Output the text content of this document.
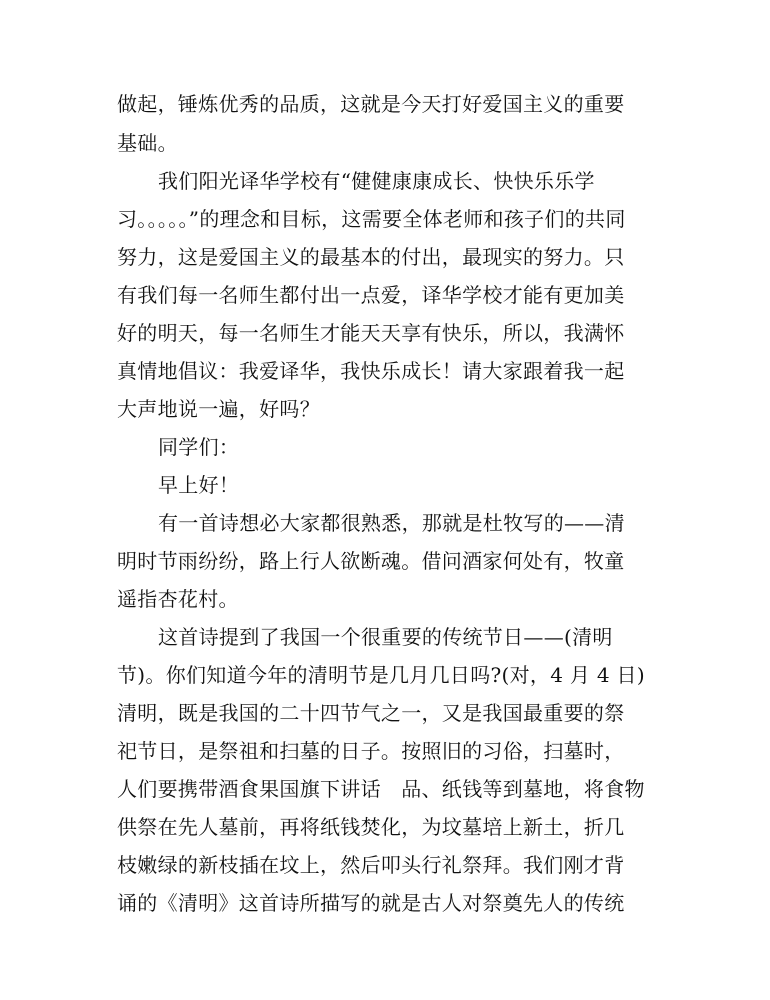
做起，锤炼优秀的品质，这就是今天打好爱国主义的重要
基础。
我们阳光译华学校有“健健康康成长、快快乐乐学
习。。。。。”的理念和目标，这需要全体老师和孩子们的共同
努力，这是爱国主义的最基本的付出，最现实的努力。只
有我们每一名师生都付出一点爱，译华学校才能有更加美
好的明天，每一名师生才能天天享有快乐，所以，我满怀
真情地倡议：我爱译华，我快乐成长！请大家跟着我一起
大声地说一遍，好吗？
同学们：
早上好！
有一首诗想必大家都很熟悉，那就是杜牧写的——清
明时节雨纷纷，路上行人欲断魂。借问酒家何处有，牧童
遥指杏花村。
这首诗提到了我国一个很重要的传统节日——(清明
节)。你们知道今年的清明节是几月几日吗?(对，4 月 4 日)
清明，既是我国的二十四节气之一，又是我国最重要的祭
祀节日，是祭祖和扫墓的日子。按照旧的习俗，扫墓时，
人们要携带酒食果国旗下讲话　品、纸钱等到墓地，将食物
供祭在先人墓前，再将纸钱焚化，为坟墓培上新土，折几
枝嫩绿的新枝插在坟上，然后叩头行礼祭拜。我们刚才背
诵的《清明》这首诗所描写的就是古人对祭奠先人的传统
